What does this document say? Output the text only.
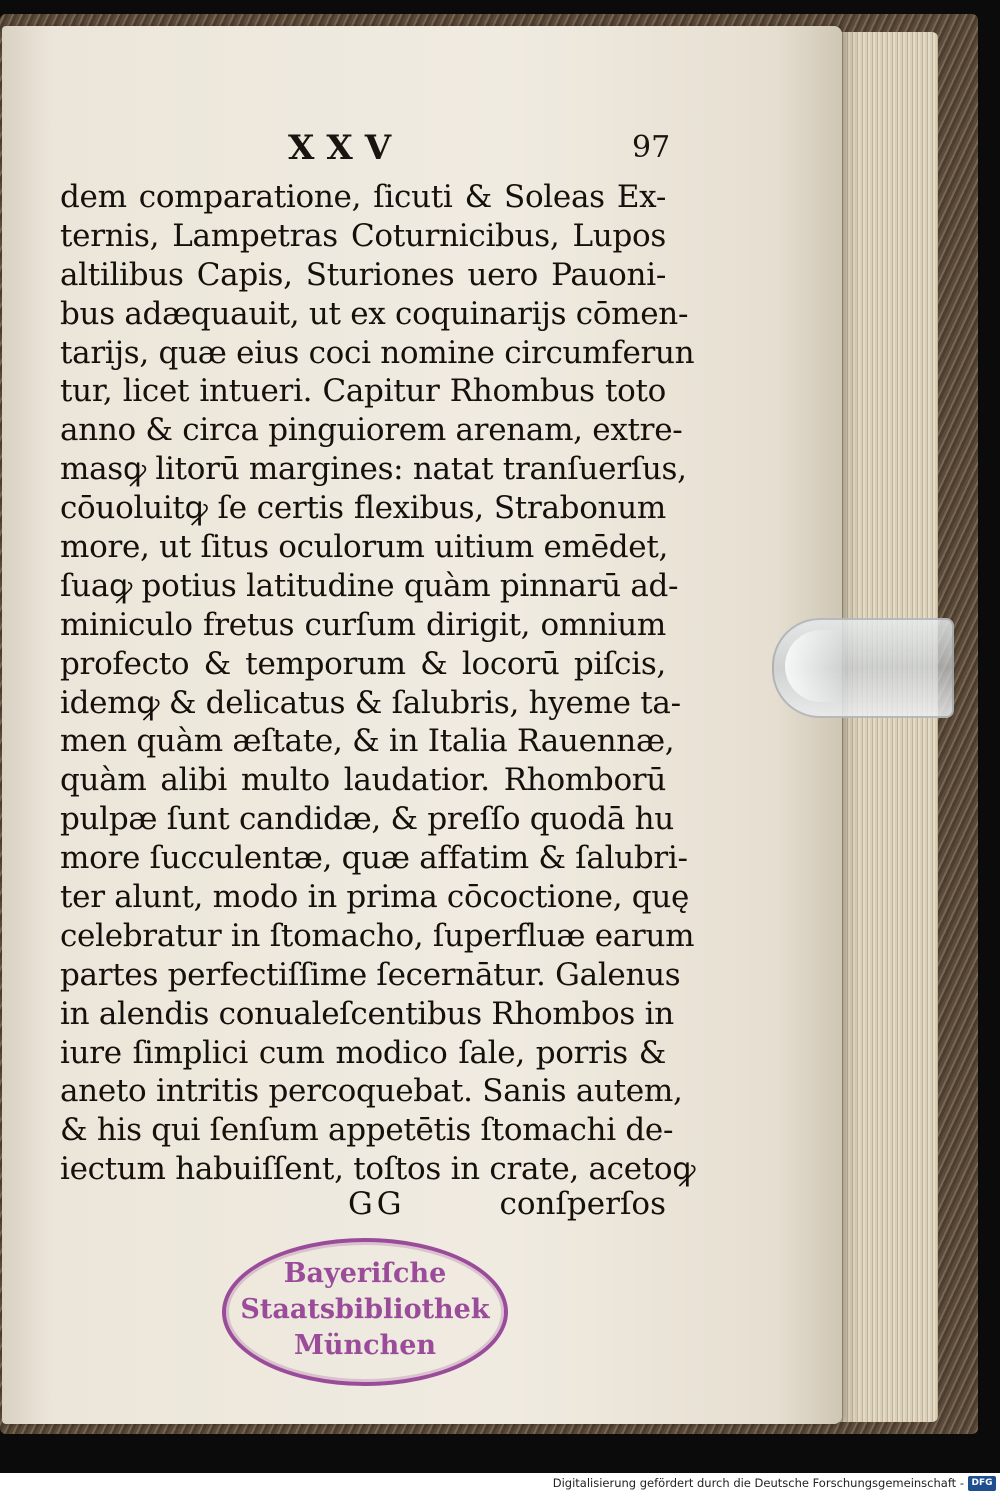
XXV	97
dem comparatione, ſicuti & Soleas Ex-
ternis, Lampetras Coturnicibus, Lupos
altilibus Capis, Sturiones uero Pauoni-
bus adæquauit, ut ex coquinarijs cōmen-
tarijs, quæ eius coci nomine circumferun
tur, licet intueri. Capitur Rhombus toto
anno & circa pinguiorem arenam, extre-
masꝙ litorū margines: natat tranſuerſus,
cōuoluitꝙ ſe certis flexibus, Strabonum
more, ut ſitus oculorum uitium emēdet,
ſuaꝙ potius latitudine quàm pinnarū ad-
miniculo fretus curſum dirigit, omnium
profecto & temporum & locorū piſcis,
idemꝙ & delicatus & ſalubris, hyeme ta-
men quàm æſtate, & in Italia Rauennæ,
quàm alibi multo laudatior. Rhomborū
pulpæ ſunt candidæ, & preſſo quodā hu
more ſucculentæ, quæ affatim & ſalubri-
ter alunt, modo in prima cōcoctione, quę
celebratur in ſtomacho, ſuperfluæ earum
partes perfectiſſime ſecernātur. Galenus
in alendis conualeſcentibus Rhombos in
iure ſimplici cum modico ſale, porris &
aneto intritis percoquebat. Sanis autem,
& his qui ſenſum appetētis ſtomachi de-
iectum habuiſſent, toſtos in crate, acetoꝙ
GG	conſperſos
Bayeriſche
Staatsbibliothek
München
Digitalisierung gefördert durch die Deutsche Forschungsgemeinschaft - DFG
